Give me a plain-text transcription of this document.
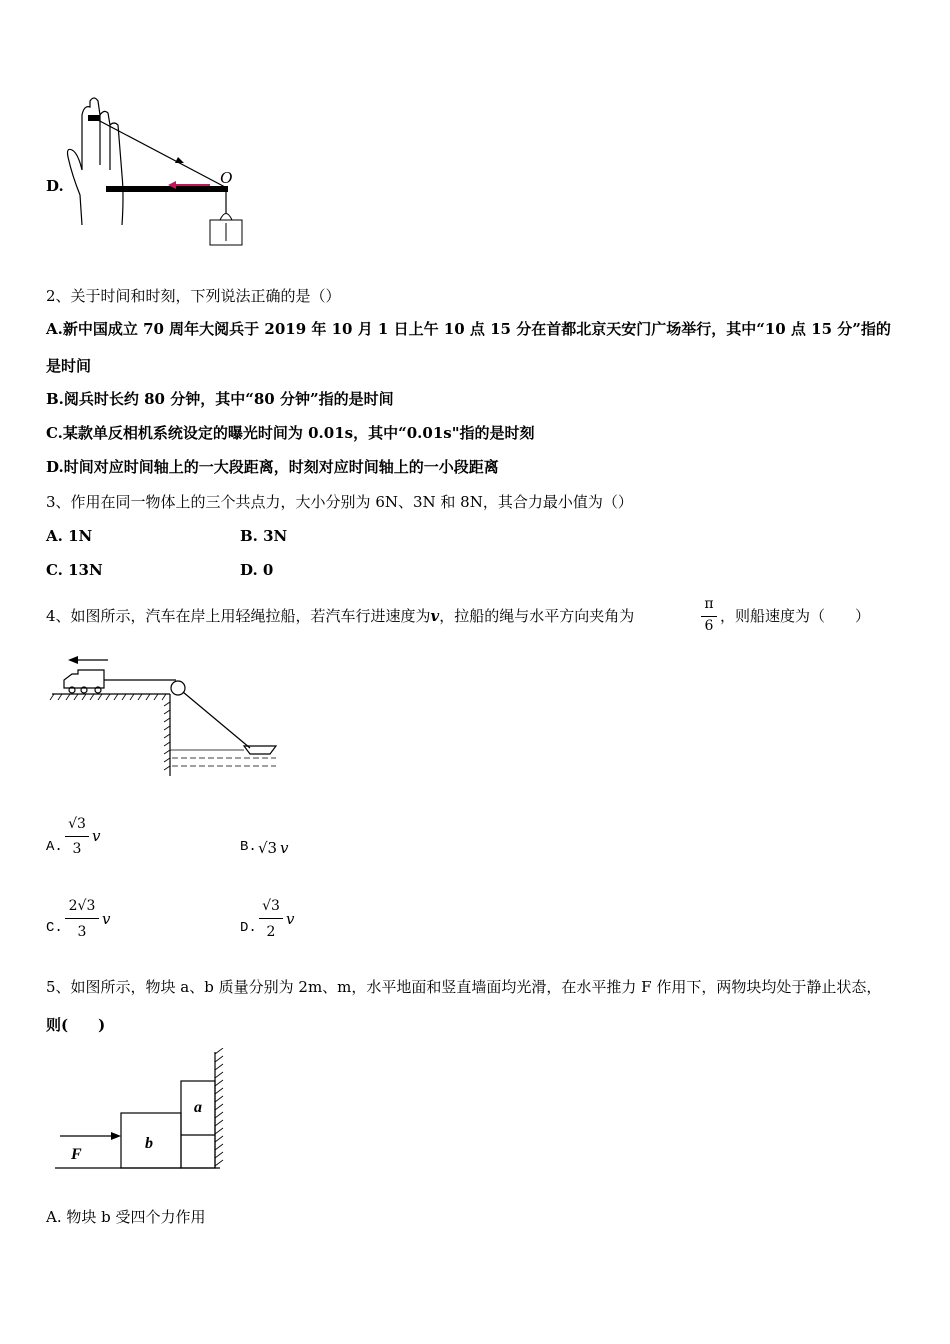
D.	O
2、关于时间和时刻，下列说法正确的是（）
A.新中国成立 70 周年大阅兵于 2019 年 10 月 1 日上午 10 点 15 分在首都北京天安门广场举行，其中“10 点 15 分”指的
是时间
B.阅兵时长约 80 分钟，其中“80 分钟”指的是时间
C.某款单反相机系统设定的曝光时间为 0.01s，其中“0.01s"指的是时刻
D.时间对应时间轴上的一大段距离，时刻对应时间轴上的一小段距离
3、作用在同一物体上的三个共点力，大小分别为 6N、3N 和 8N，其合力最小值为（）
A. 1N	B. 3N
C. 13N	D. 0
4、如图所示，汽车在岸上用轻绳拉船，若汽车行进速度为v，拉船的绳与水平方向夹角为
π
6
，则船速度为（　　）
A.
√3
3
v
B. √3 v
C.
2√3
3
v	D.
√3
2
v
5、如图所示，物块 a、b 质量分别为 2m、m，水平地面和竖直墙面均光滑，在水平推力 F 作用下，两物块均处于静止状态，
则(　　)
F
b
a
A. 物块 b 受四个力作用
